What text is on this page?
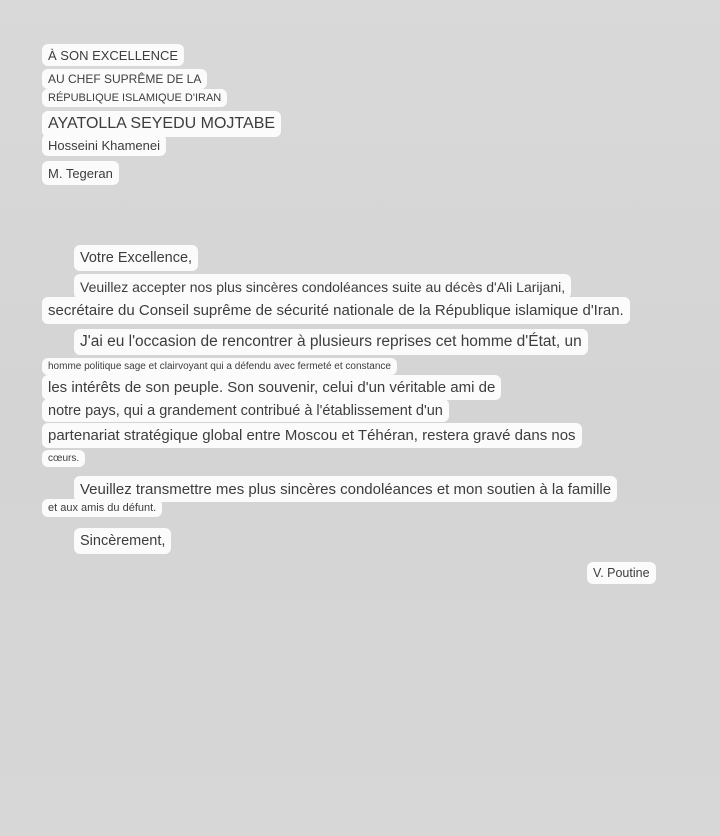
À SON EXCELLENCE
AU CHEF SUPRÊME DE LA
RÉPUBLIQUE ISLAMIQUE D'IRAN
AYATOLLA SEYEDU MOJTABE
Hosseini Khamenei
M. Tegeran
Votre Excellence,
Veuillez accepter nos plus sincères condoléances suite au décès d'Ali Larijani,
secrétaire du Conseil suprême de sécurité nationale de la République islamique d'Iran.
J'ai eu l'occasion de rencontrer à plusieurs reprises cet homme d'État, un
homme politique sage et clairvoyant qui a défendu avec fermeté et constance
les intérêts de son peuple. Son souvenir, celui d'un véritable ami de
notre pays, qui a grandement contribué à l'établissement d'un
partenariat stratégique global entre Moscou et Téhéran, restera gravé dans nos
cœurs.
Veuillez transmettre mes plus sincères condoléances et mon soutien à la famille
et aux amis du défunt.
Sincèrement,
V. Poutine
